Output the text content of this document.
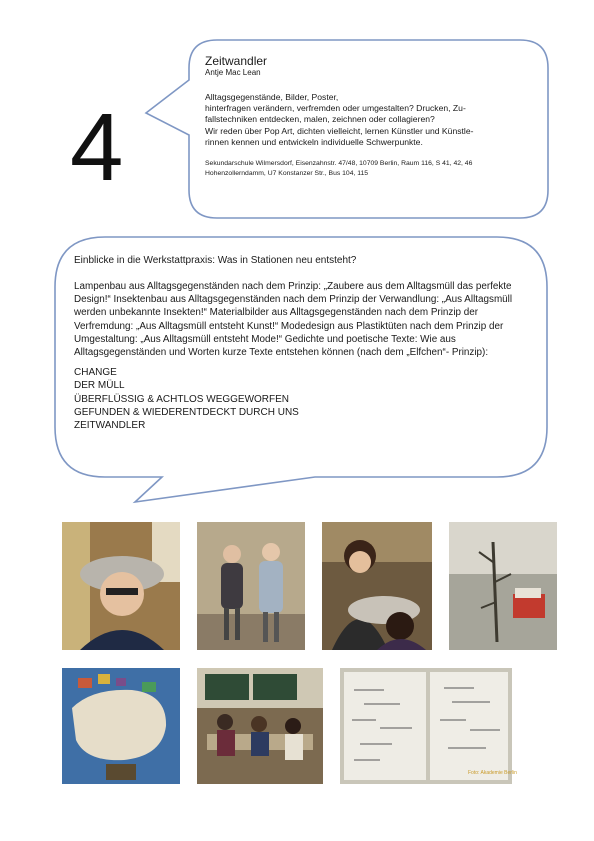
4
Zeitwandler
Antje Mac Lean

Alltagsgegenstände, Bilder, Poster,

hinterfragen verändern, verfremden oder umgestalten? Drucken, Zu-

fallstechniken entdecken, malen, zeichnen oder collagieren?

Wir reden über Pop Art, dichten vielleicht, lernen Künstler und Künstle-

rinnen kennen und entwickeln individuelle Schwerpunkte.

Sekundarschule Wilmersdorf, Eisenzahnstr. 47/48, 10709 Berlin, Raum 116, S 41, 42, 46
Hohenzollerndamm, U7 Konstanzer Str., Bus 104, 115
Einblicke in die Werkstattpraxis: Was in Stationen neu entsteht?
Lampenbau aus Alltagsgegenständen nach dem Prinzip: „Zaubere aus dem Alltagsmüll das perfekte Design!“ Insektenbau aus Alltagsgegenständen nach dem Prinzip der Verwandlung: „Aus Alltagsmüll werden unbekannte Insekten!“ Materialbilder aus Alltagsgegenständen nach dem Prinzip der Verfremdung: „Aus Alltagsmüll entsteht Kunst!“ Modedesign aus Plastiktüten nach dem Prinzip der Umgestaltung: „Aus Alltagsmüll entsteht Mode!“ Gedichte und poetische Texte: Wie aus Alltagsgegenständen und Worten kurze Texte entstehen können (nach dem „Elfchen“- Prinzip):

CHANGE

DER MÜLL

ÜBERFLÜSSIG & ACHTLOS WEGGEWORFEN

GEFUNDEN & WIEDERENTDECKT DURCH UNS

ZEITWANDLER

Foto: Akademie Berlin
